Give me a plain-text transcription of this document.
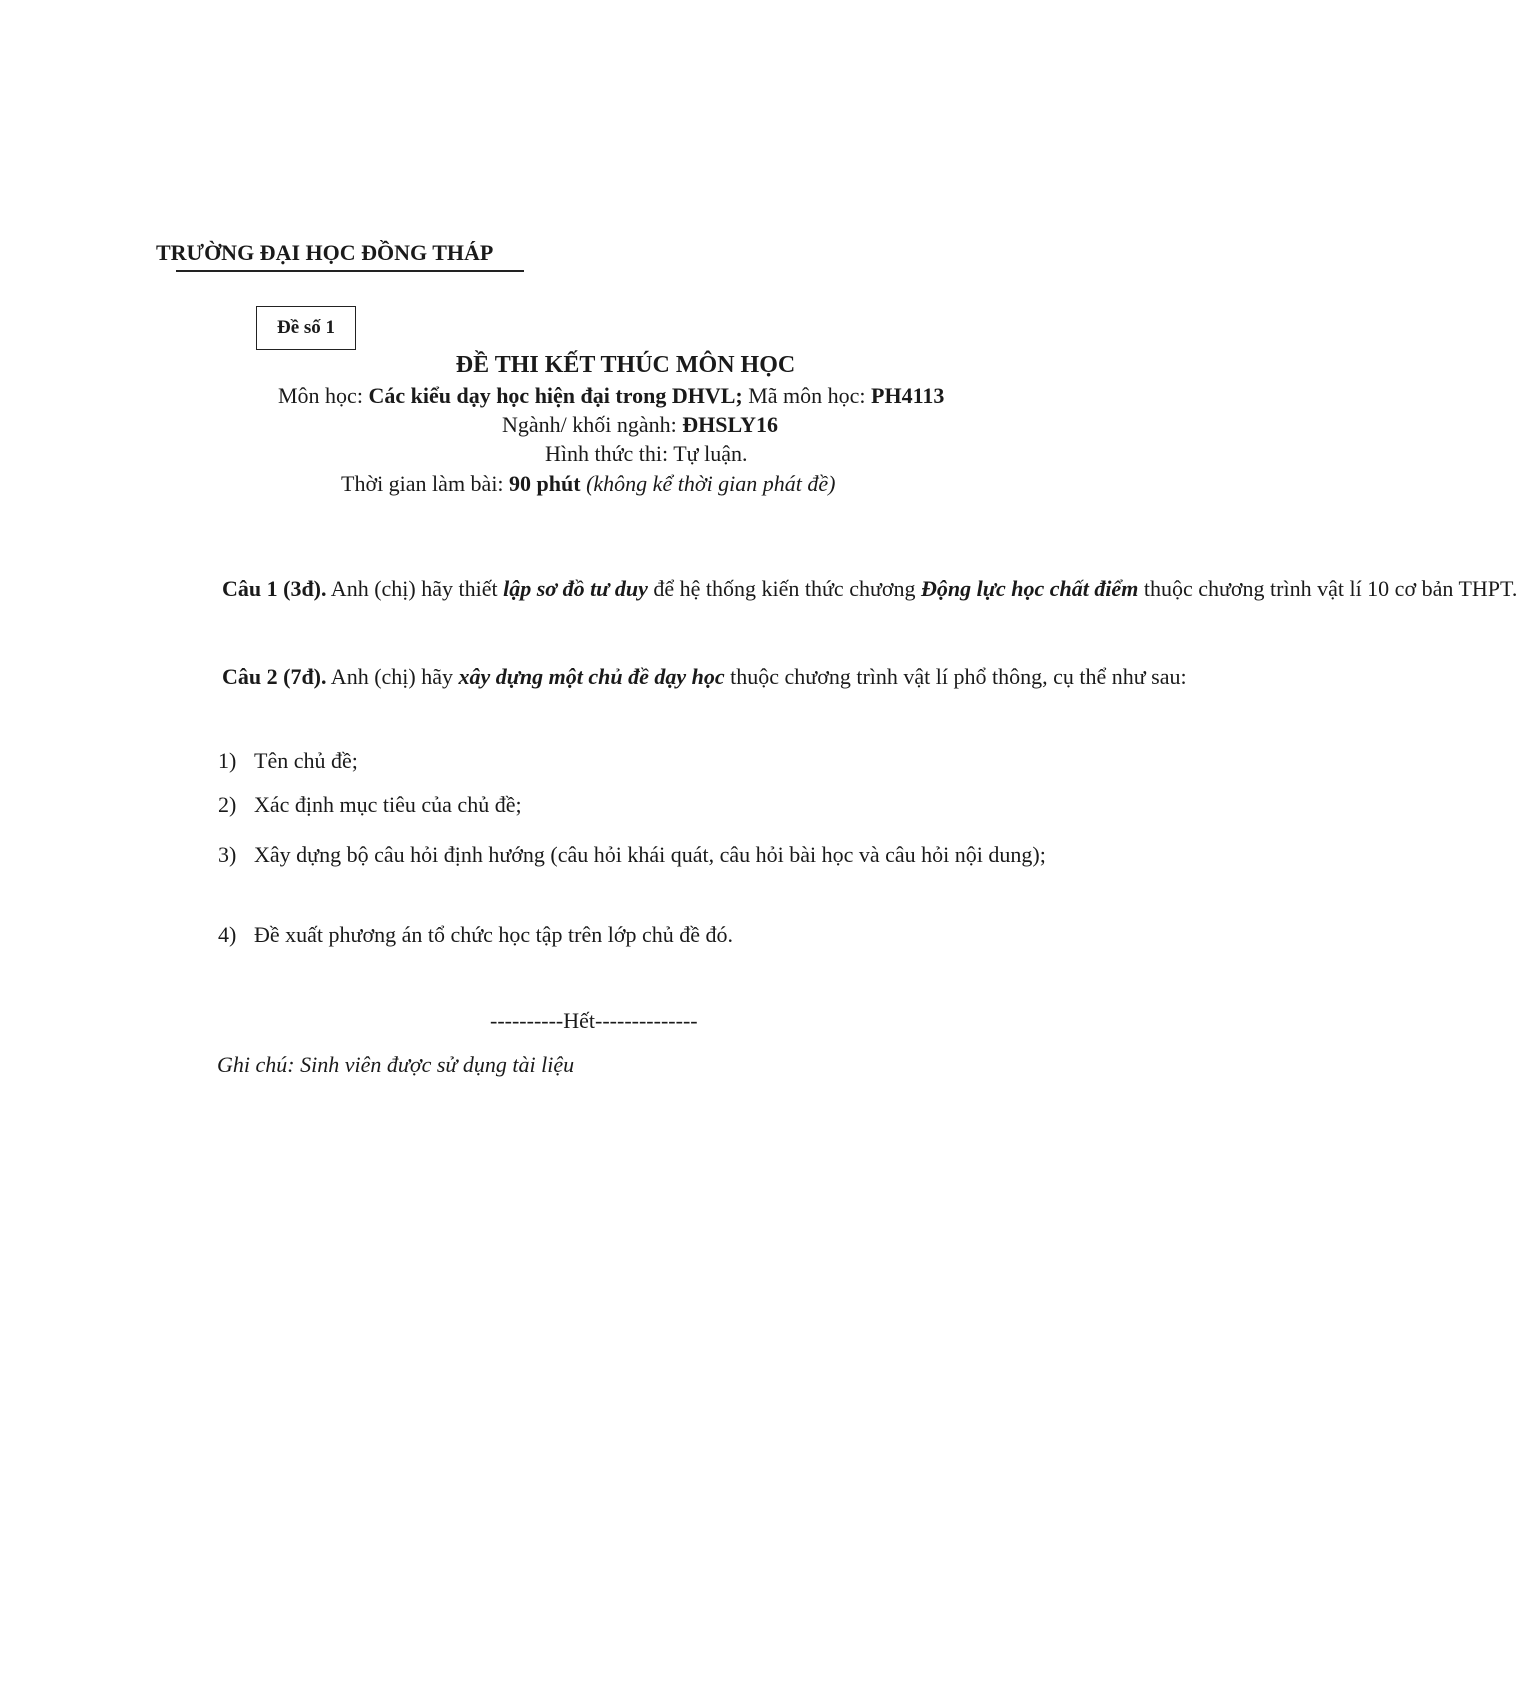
TRƯỜNG ĐẠI HỌC ĐỒNG THÁP
Đề số 1
ĐỀ THI KẾT THÚC MÔN HỌC
Môn học: Các kiểu dạy học hiện đại trong DHVL; Mã môn học: PH4113
Ngành/ khối ngành: ĐHSLY16
Hình thức thi: Tự luận.
Thời gian làm bài: 90 phút (không kể thời gian phát đề)
Câu 1 (3đ). Anh (chị) hãy thiết lập sơ đồ tư duy để hệ thống kiến thức chương Động lực học chất điểm thuộc chương trình vật lí 10 cơ bản THPT.
Câu 2 (7đ). Anh (chị) hãy xây dựng một chủ đề dạy học thuộc chương trình vật lí phổ thông, cụ thể như sau:
1) Tên chủ đề;
2) Xác định mục tiêu của chủ đề;
3) Xây dựng bộ câu hỏi định hướng (câu hỏi khái quát, câu hỏi bài học và câu hỏi nội dung);
4) Đề xuất phương án tổ chức học tập trên lớp chủ đề đó.
----------Hết--------------
Ghi chú: Sinh viên được sử dụng tài liệu
